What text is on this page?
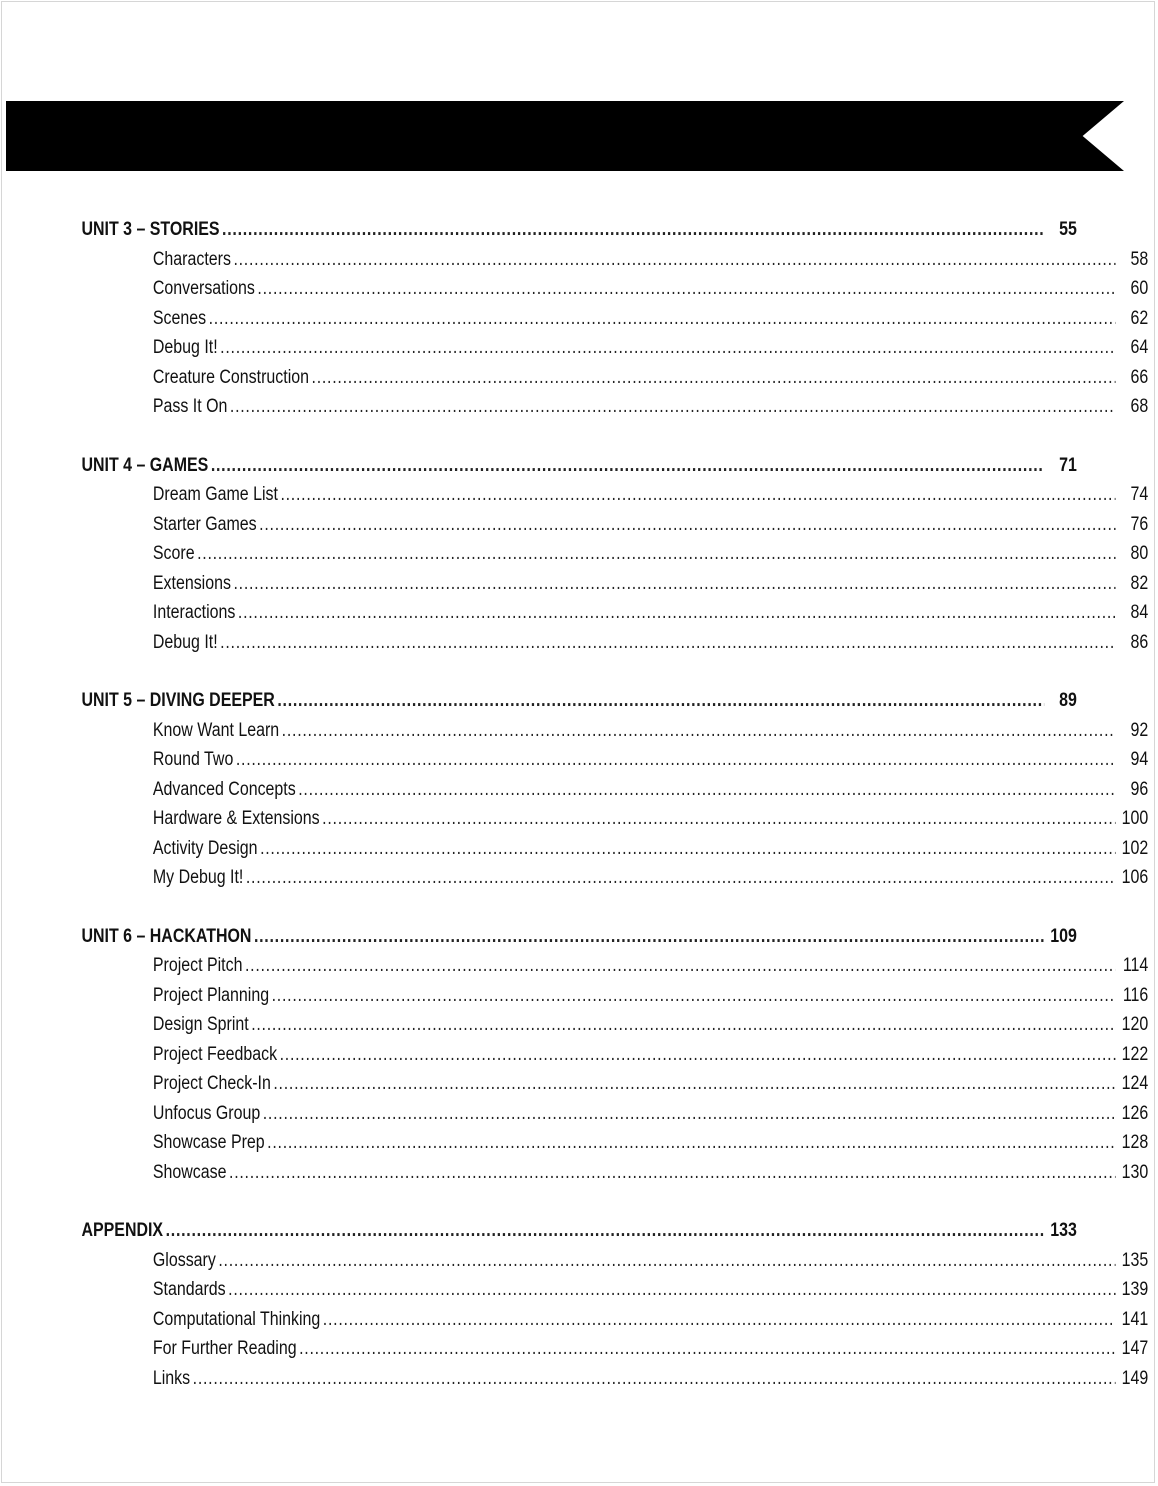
UNIT 3 – STORIES . . .	55
Characters . . .	58
Conversations . . .	60
Scenes . . .	62
Debug It! . . .	64
Creature Construction . . .	66
Pass It On . . .	68
UNIT 4 – GAMES . . .	71
Dream Game List . . .	74
Starter Games . . .	76
Score . . .	80
Extensions . . .	82
Interactions . . .	84
Debug It! . . .	86
UNIT 5 – DIVING DEEPER . . .	89
Know Want Learn . . .	92
Round Two . . .	94
Advanced Concepts . . .	96
Hardware & Extensions . . .	100
Activity Design . . .	102
My Debug It! . . .	106
UNIT 6 – HACKATHON . . .	109
Project Pitch . . .	114
Project Planning . . .	116
Design Sprint . . .	120
Project Feedback . . .	122
Project Check-In . . .	124
Unfocus Group . . .	126
Showcase Prep . . .	128
Showcase . . .	130
APPENDIX . . .	133
Glossary . . .	135
Standards . . .	139
Computational Thinking . . .	141
For Further Reading . . .	147
Links . . .	149
